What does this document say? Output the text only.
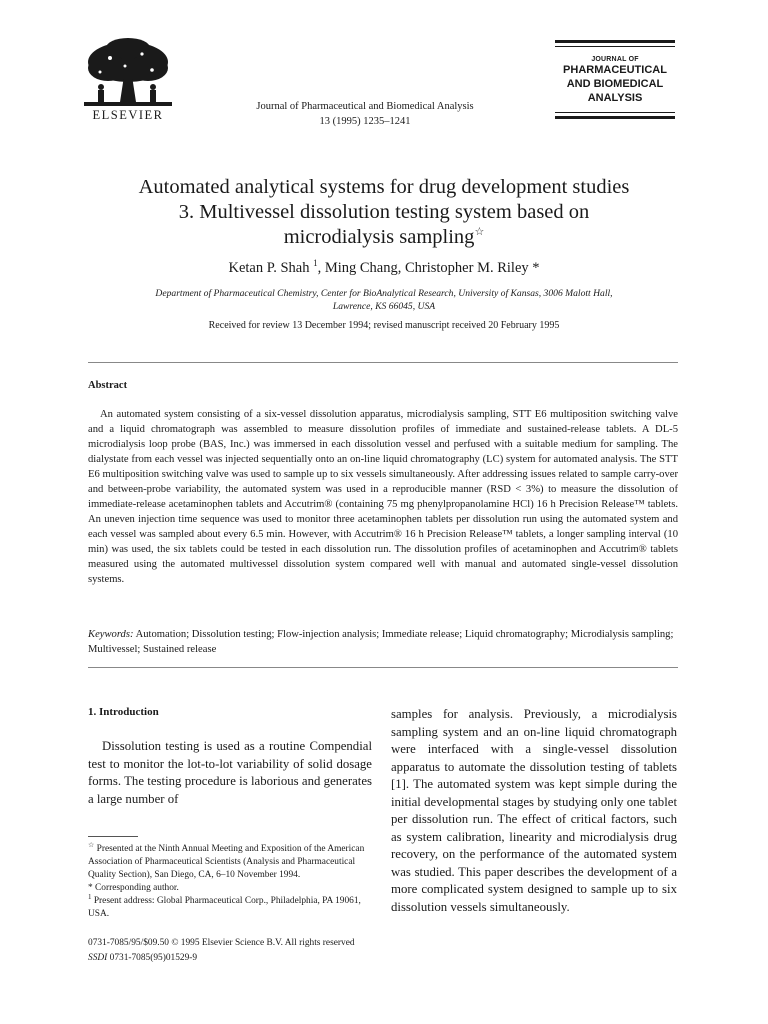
ELSEVIER
Journal of Pharmaceutical and Biomedical Analysis
13 (1995) 1235–1241
JOURNAL OF
PHARMACEUTICAL
AND BIOMEDICAL
ANALYSIS
Automated analytical systems for drug development studies
3. Multivessel dissolution testing system based on
microdialysis sampling☆
Ketan P. Shah $^1$, Ming Chang, Christopher M. Riley *
Department of Pharmaceutical Chemistry, Center for BioAnalytical Research, University of Kansas, 3006 Malott Hall,
Lawrence, KS 66045, USA
Received for review 13 December 1994; revised manuscript received 20 February 1995
Abstract
An automated system consisting of a six-vessel dissolution apparatus, microdialysis sampling, STT E6 multiposition switching valve and a liquid chromatograph was assembled to measure dissolution profiles of immediate and sustained-release tablets. A DL-5 microdialysis loop probe (BAS, Inc.) was immersed in each dissolution vessel and perfused with a suitable medium for sampling. The dialystate from each vessel was injected sequentially onto an on-line liquid chromatography (LC) system for automated analysis. The STT E6 multiposition switching valve was used to sample up to six vessels simultaneously. After addressing issues related to sample carry-over and between-probe variability, the automated system was used in a reproducible manner (RSD < 3%) to measure the dissolution of immediate-release acetaminophen tablets and Accutrim® (containing 75 mg phenylpropanolamine HCl) 16 h Precision Release™ tablets. An uneven injection time sequence was used to monitor three acetaminophen tablets per dissolution run using the automated system and each vessel was sampled about every 6.5 min. However, with Accutrim® 16 h Precision Release™ tablets, a longer sampling interval (10 min) was used, the six tablets could be tested in each dissolution run. The dissolution profiles of acetaminophen and Accutrim® tablets measured using the automated multivessel dissolution system compared well with manual and automated single-vessel dissolution systems.
Keywords: Automation; Dissolution testing; Flow-injection analysis; Immediate release; Liquid chromatography; Microdialysis sampling; Multivessel; Sustained release
1. Introduction
Dissolution testing is used as a routine Compendial test to monitor the lot-to-lot variability of solid dosage forms. The testing procedure is laborious and generates a large number of
☆ Presented at the Ninth Annual Meeting and Exposition of the American Association of Pharmaceutical Scientists (Analysis and Pharmaceutical Quality Section), San Diego, CA, 6–10 November 1994.
* Corresponding author.
$^1$ Present address: Global Pharmaceutical Corp., Philadelphia, PA 19061, USA.
samples for analysis. Previously, a microdialysis sampling system and an on-line liquid chromatograph were interfaced with a single-vessel dissolution apparatus to automate the dissolution testing of tablets [1]. The automated system was kept simple during the initial developmental stages by studying only one tablet per dissolution run. The effect of critical factors, such as system calibration, linearity and microdialysis drug recovery, on the performance of the automated system was studied. This paper describes the development of a more complicated system designed to sample up to six dissolution vessels simultaneously.
0731-7085/95/$09.50 © 1995 Elsevier Science B.V. All rights reserved
SSDI 0731-7085(95)01529-9
